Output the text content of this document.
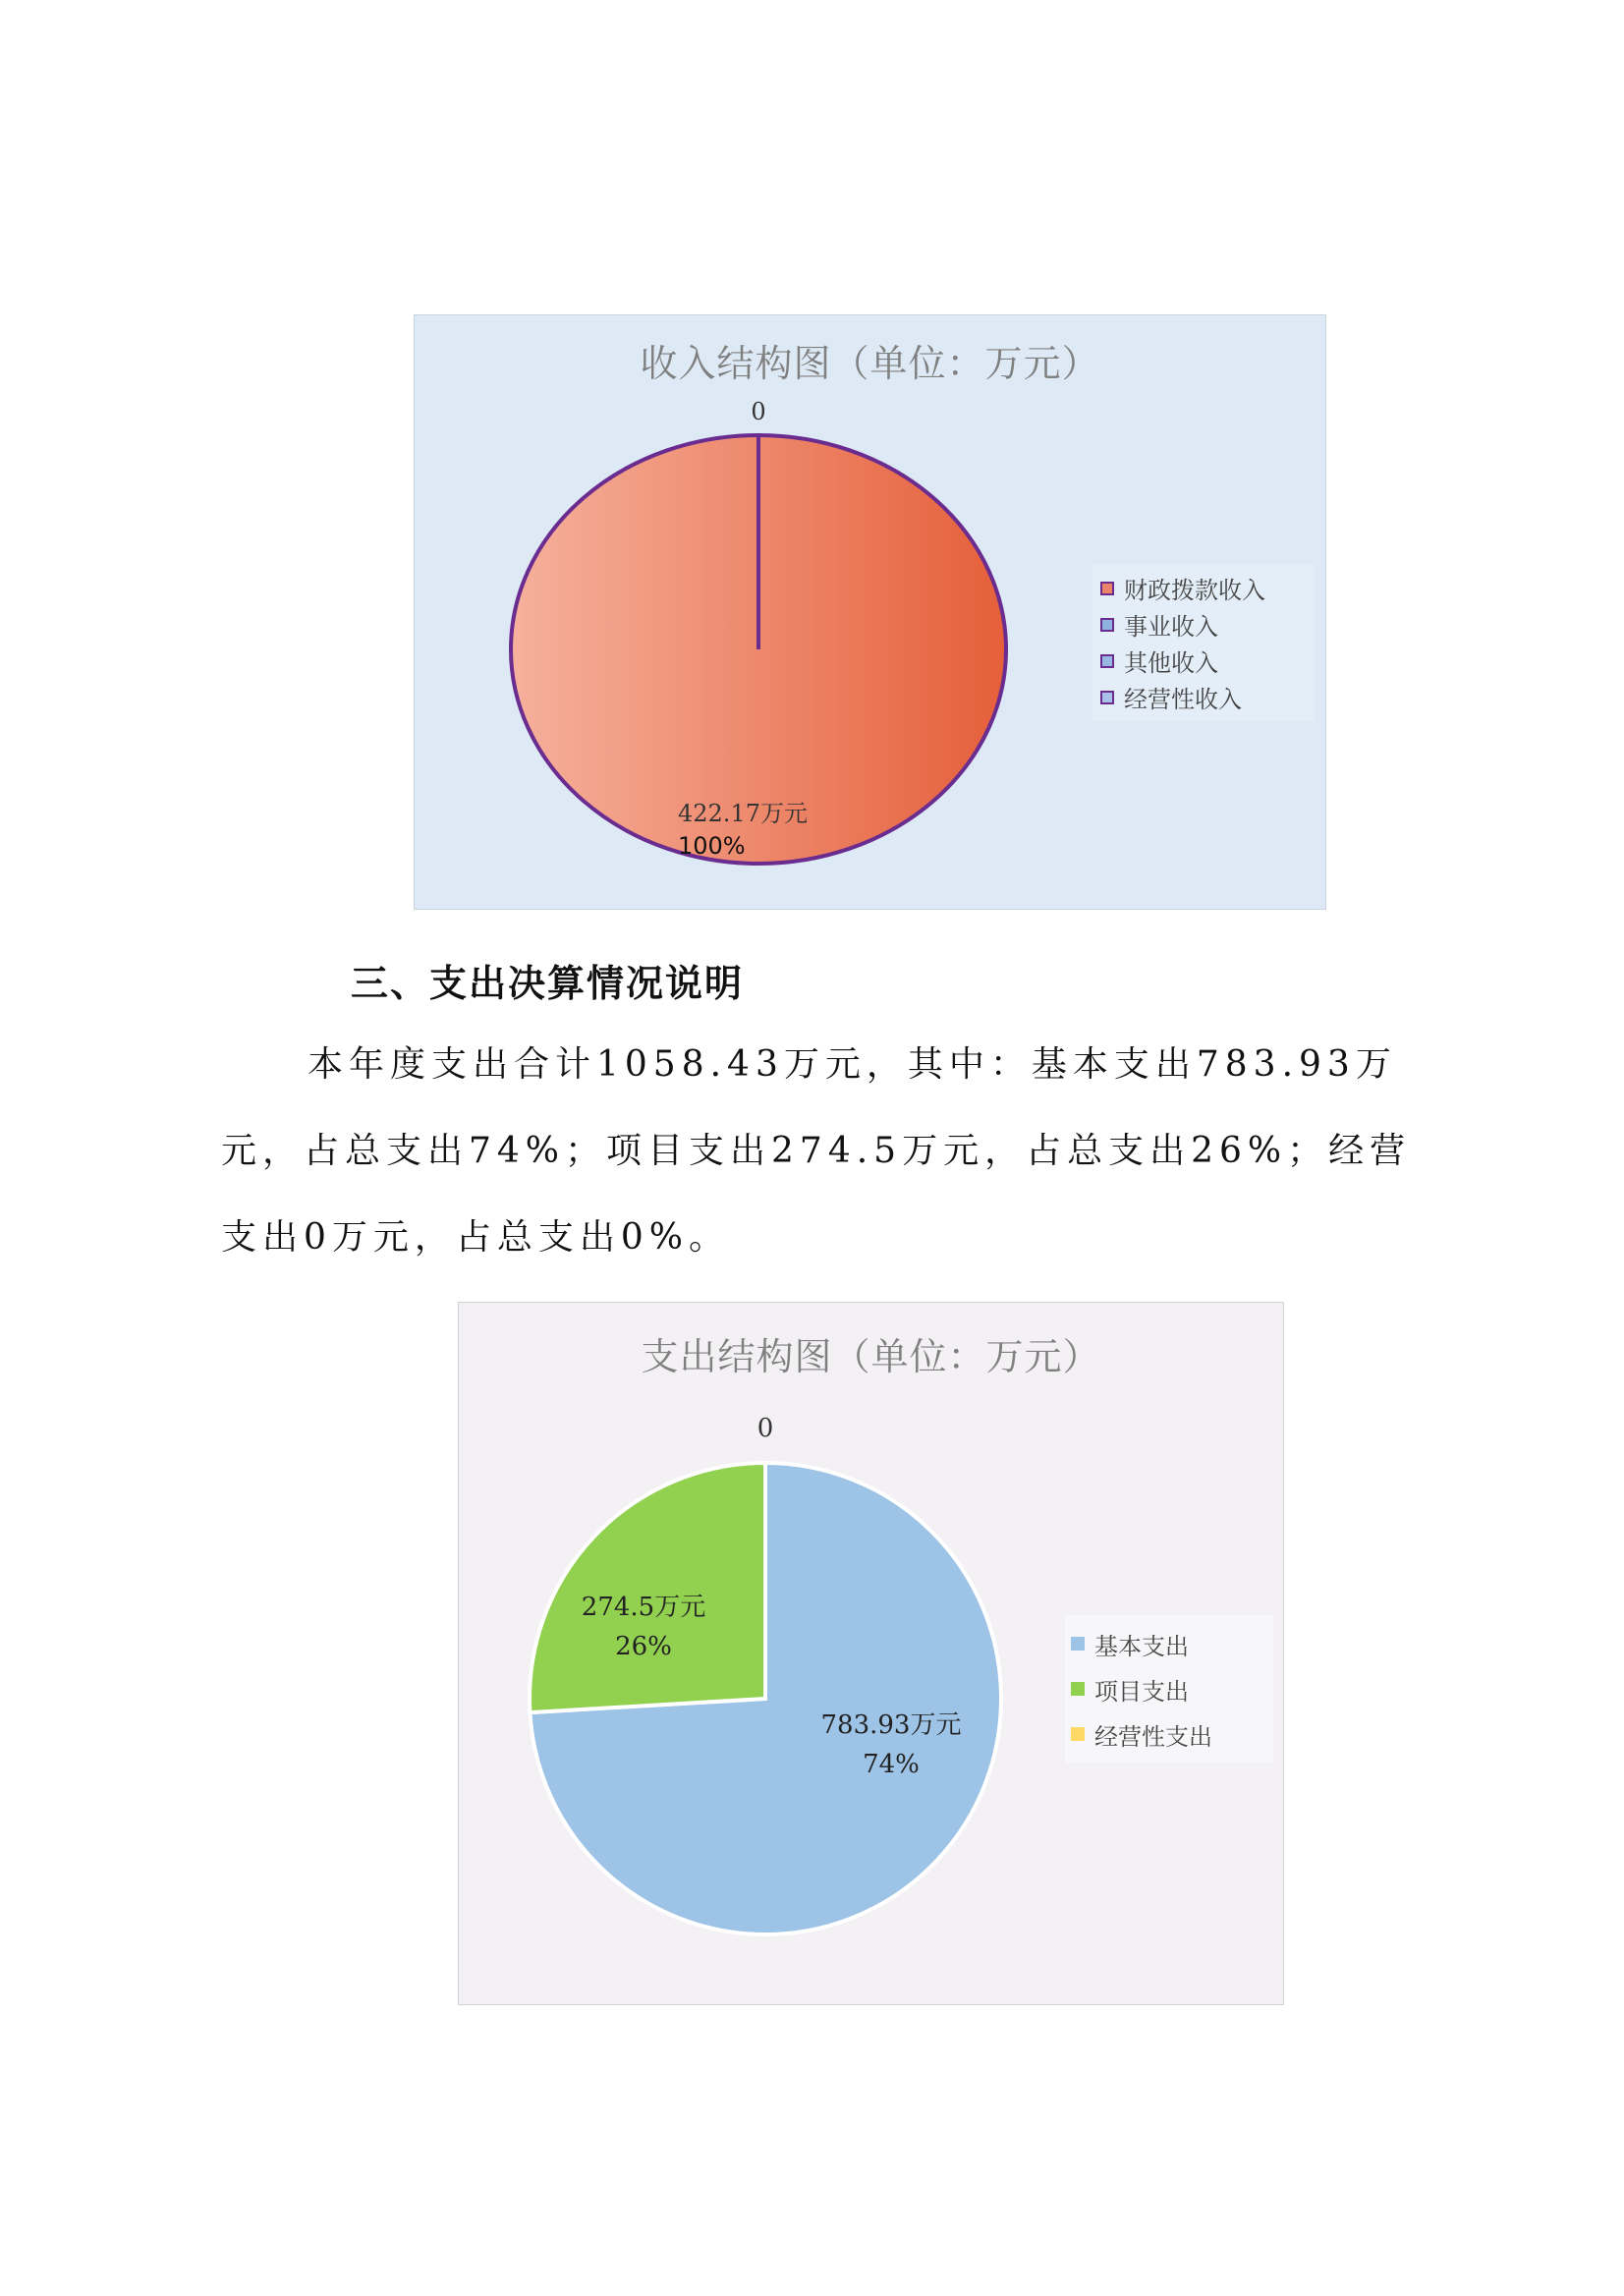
收入结构图（单位：万元）
0
422.17万元
100%
财政拨款收入
事业收入
其他收入
经营性收入
三、支出决算情况说明

本年度支出合计1058.43万元，其中：基本支出783.93万元，占总支出74%；项目支出274.5万元，占总支出26%；经营支出0万元，占总支出0%。

支出结构图（单位：万元）
0
274.5万元
26%
783.93万元
74%
基本支出
项目支出
经营性支出
